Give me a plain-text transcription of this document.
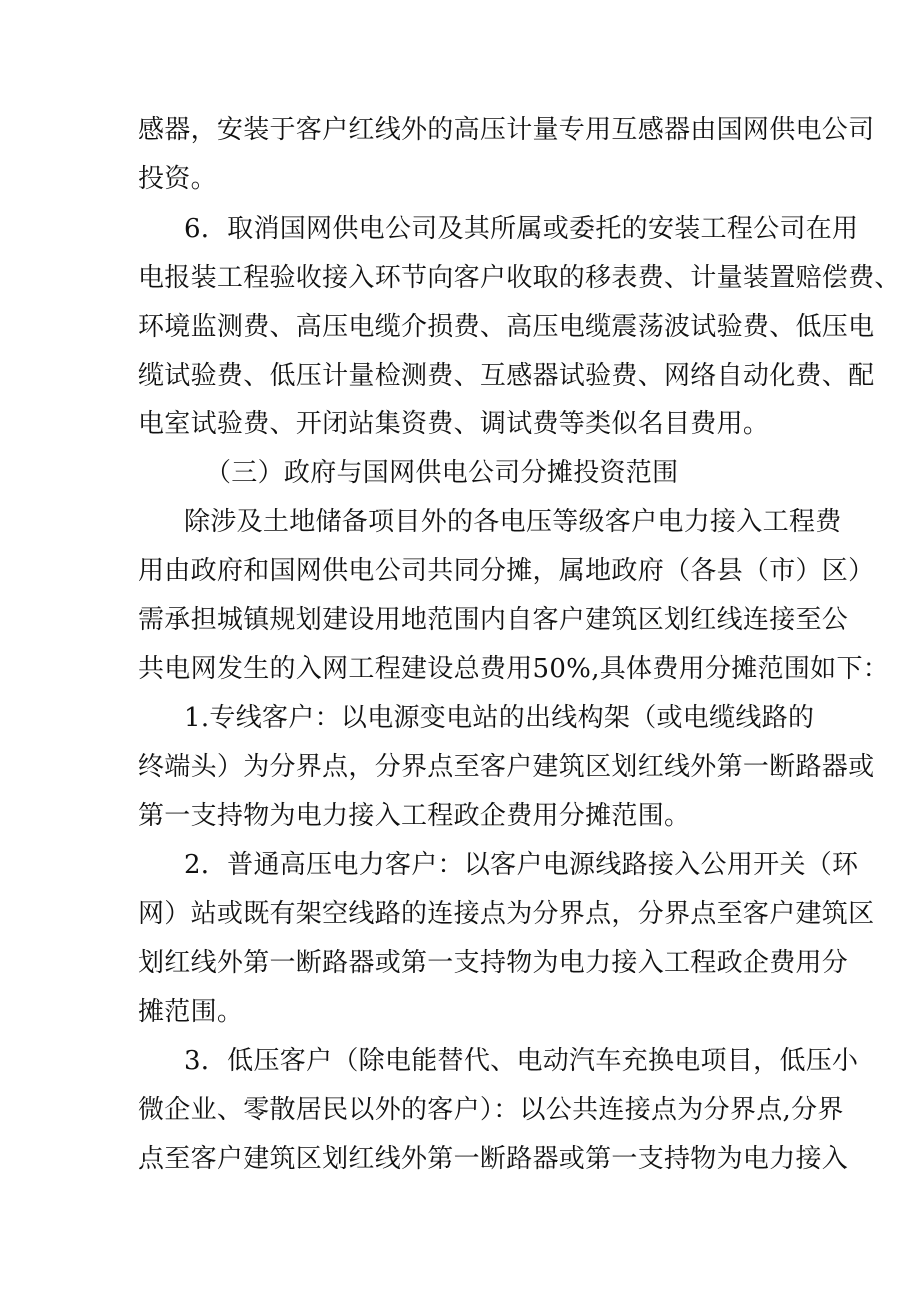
感器，安装于客户红线外的高压计量专用互感器由国网供电公司
投资。
6．取消国网供电公司及其所属或委托的安装工程公司在用
电报装工程验收接入环节向客户收取的移表费、计量装置赔偿费、
环境监测费、高压电缆介损费、高压电缆震荡波试验费、低压电
缆试验费、低压计量检测费、互感器试验费、网络自动化费、配
电室试验费、开闭站集资费、调试费等类似名目费用。
（三）政府与国网供电公司分摊投资范围
除涉及土地储备项目外的各电压等级客户电力接入工程费
用由政府和国网供电公司共同分摊，属地政府（各县（市）区）
需承担城镇规划建设用地范围内自客户建筑区划红线连接至公
共电网发生的入网工程建设总费用50%,具体费用分摊范围如下：
1.专线客户：以电源变电站的出线构架（或电缆线路的
终端头）为分界点，分界点至客户建筑区划红线外第一断路器或
第一支持物为电力接入工程政企费用分摊范围。
2．普通高压电力客户：以客户电源线路接入公用开关（环
网）站或既有架空线路的连接点为分界点，分界点至客户建筑区
划红线外第一断路器或第一支持物为电力接入工程政企费用分
摊范围。
3．低压客户（除电能替代、电动汽车充换电项目，低压小
微企业、零散居民以外的客户）：以公共连接点为分界点,分界
点至客户建筑区划红线外第一断路器或第一支持物为电力接入
